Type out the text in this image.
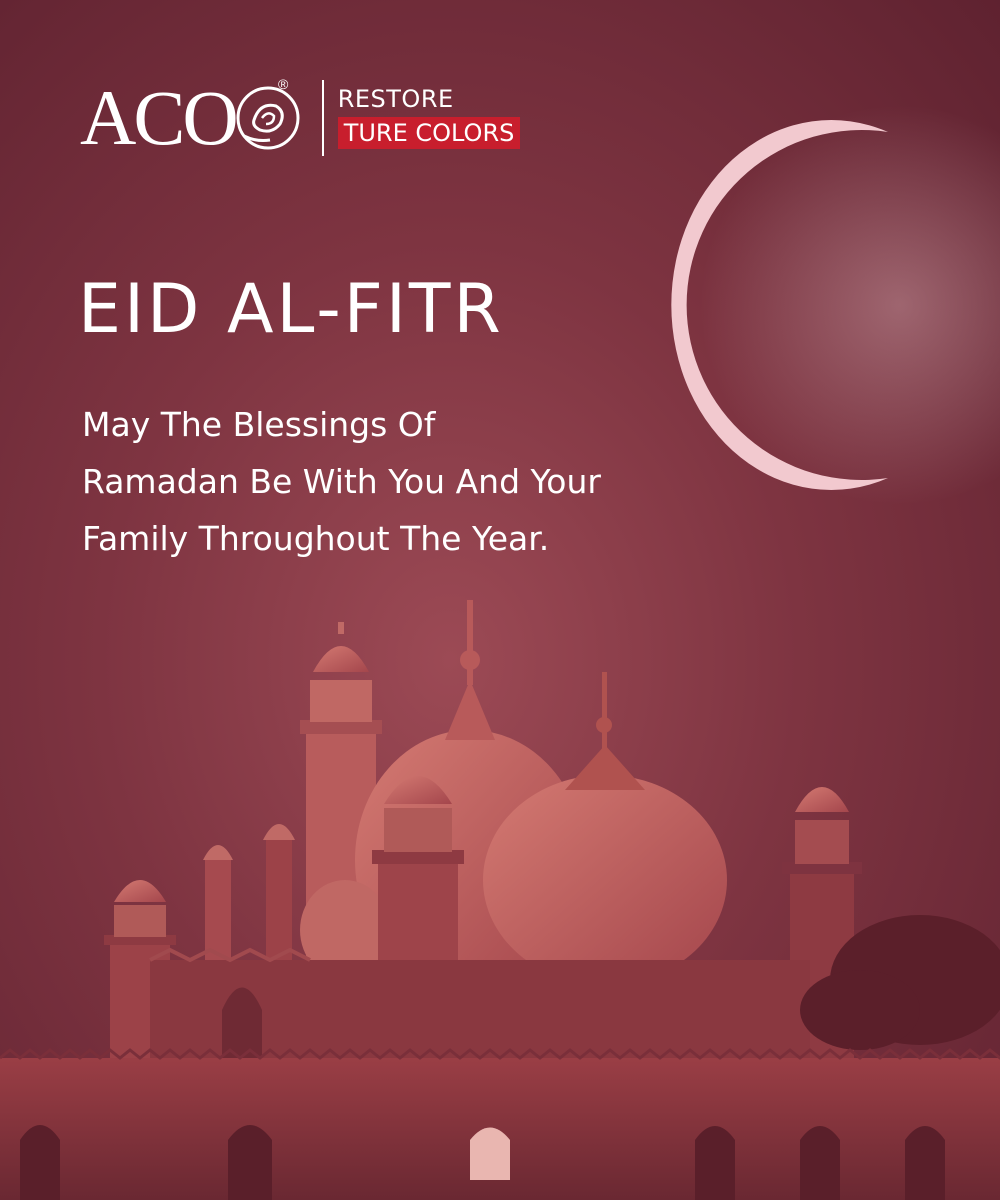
ACO	®
RESTORE
TURE COLORS
EID AL-FITR
May The Blessings Of
Ramadan Be With You And Your
Family Throughout The Year.
